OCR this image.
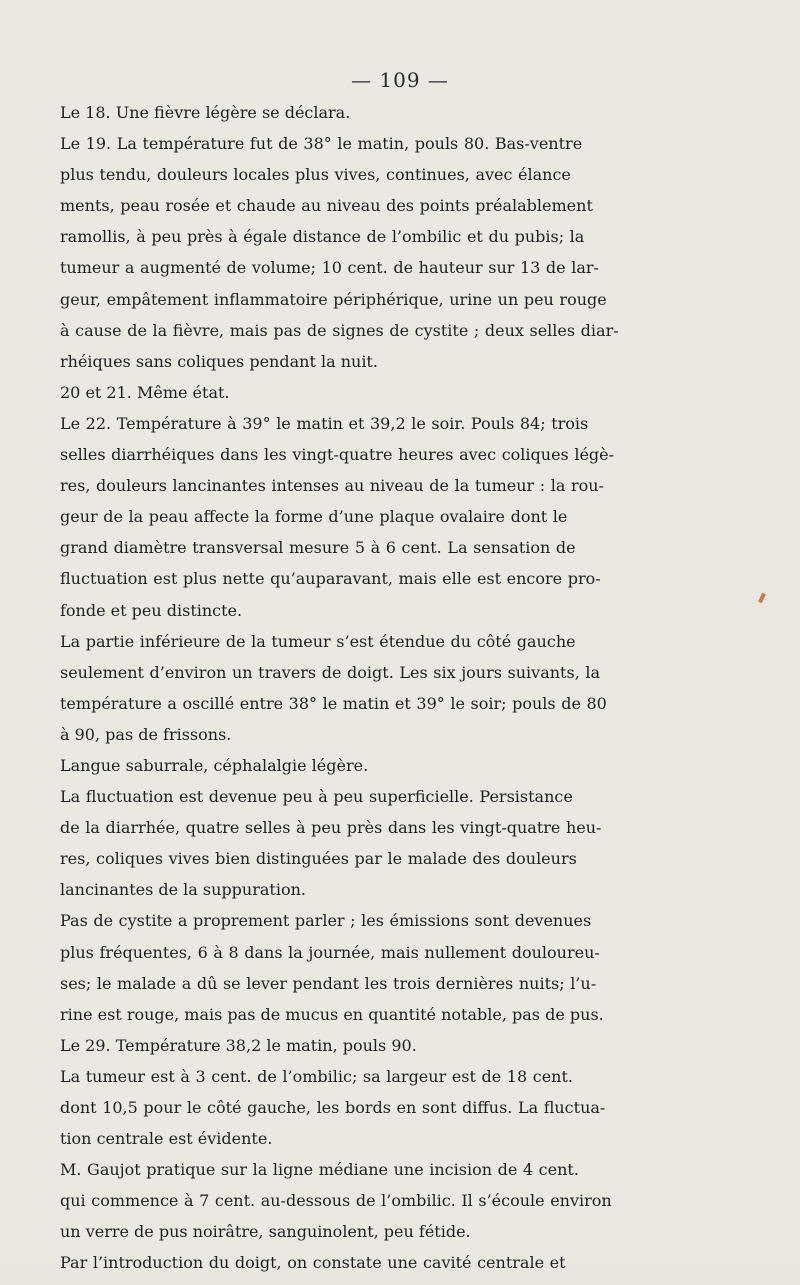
— 109 —
Le 18. Une fièvre légère se déclara.
Le 19. La température fut de 38° le matin, pouls 80. Bas-ventre
plus tendu, douleurs locales plus vives, continues, avec élance
ments, peau rosée et chaude au niveau des points préalablement
ramollis, à peu près à égale distance de l’ombilic et du pubis; la
tumeur a augmenté de volume; 10 cent. de hauteur sur 13 de lar-
geur, empâtement inflammatoire périphérique, urine un peu rouge
à cause de la fièvre, mais pas de signes de cystite ; deux selles diar-
rhéiques sans coliques pendant la nuit.
20 et 21. Même état.
Le 22. Température à 39° le matin et 39,2 le soir. Pouls 84; trois
selles diarrhéiques dans les vingt-quatre heures avec coliques légè-
res, douleurs lancinantes intenses au niveau de la tumeur : la rou-
geur de la peau affecte la forme d’une plaque ovalaire dont le
grand diamètre transversal mesure 5 à 6 cent. La sensation de
fluctuation est plus nette qu’auparavant, mais elle est encore pro-
fonde et peu distincte.
La partie inférieure de la tumeur s’est étendue du côté gauche
seulement d’environ un travers de doigt. Les six jours suivants, la
température a oscillé entre 38° le matin et 39° le soir; pouls de 80
à 90, pas de frissons.
Langue saburrale, céphalalgie légère.
La fluctuation est devenue peu à peu superficielle. Persistance
de la diarrhée, quatre selles à peu près dans les vingt-quatre heu-
res, coliques vives bien distinguées par le malade des douleurs
lancinantes de la suppuration.
Pas de cystite a proprement parler ; les émissions sont devenues
plus fréquentes, 6 à 8 dans la journée, mais nullement douloureu-
ses; le malade a dû se lever pendant les trois dernières nuits; l’u-
rine est rouge, mais pas de mucus en quantité notable, pas de pus.
Le 29. Température 38,2 le matin, pouls 90.
La tumeur est à 3 cent. de l’ombilic; sa largeur est de 18 cent.
dont 10,5 pour le côté gauche, les bords en sont diffus. La fluctua-
tion centrale est évidente.
M. Gaujot pratique sur la ligne médiane une incision de 4 cent.
qui commence à 7 cent. au-dessous de l’ombilic. Il s’écoule environ
un verre de pus noirâtre, sanguinolent, peu fétide.
Par l’introduction du doigt, on constate une cavité centrale et
